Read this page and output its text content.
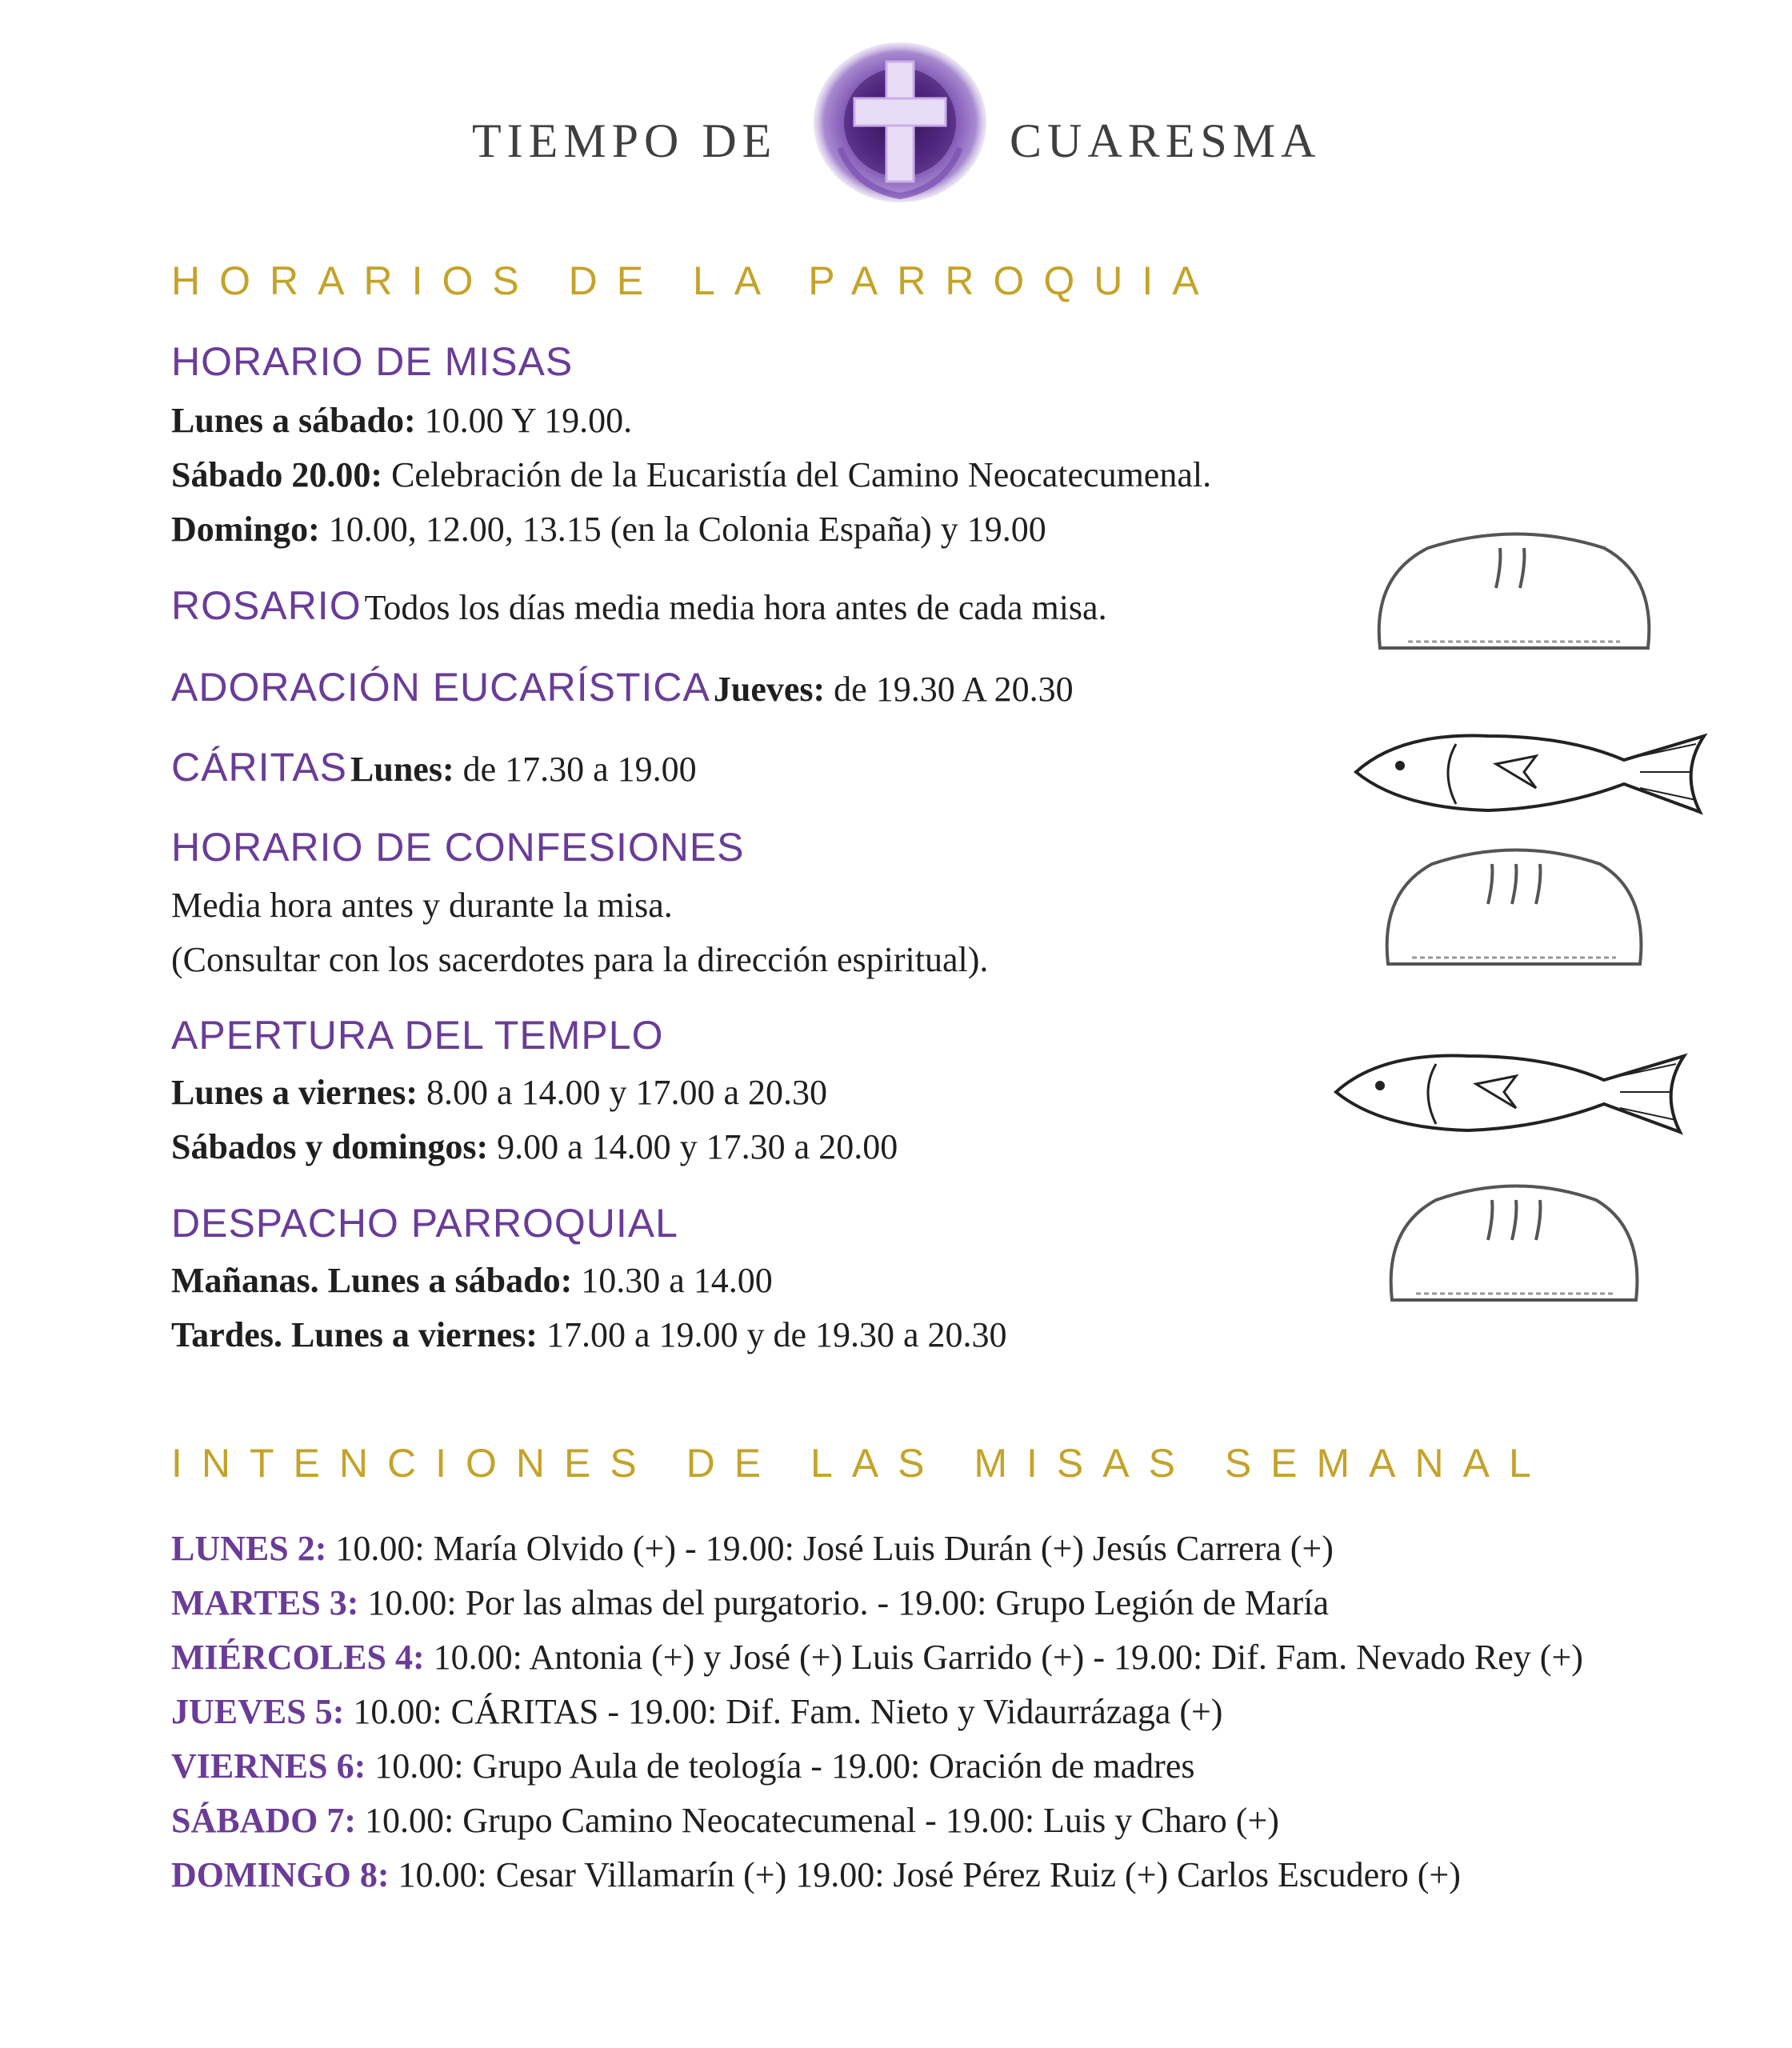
TIEMPO DE	CUARESMA
HORARIOS DE LA PARROQUIA
HORARIO DE MISAS
Lunes a sábado: 10.00 Y 19.00.
Sábado 20.00: Celebración de la Eucaristía del Camino Neocatecumenal.
Domingo: 10.00, 12.00, 13.15 (en la Colonia España) y 19.00
ROSARIO Todos los días media media hora antes de cada misa.
ADORACIÓN EUCARÍSTICA Jueves: de 19.30 A 20.30
CÁRITAS Lunes: de 17.30 a 19.00
HORARIO DE CONFESIONES
Media hora antes y durante la misa.
(Consultar con los sacerdotes para la dirección espiritual).
APERTURA DEL TEMPLO
Lunes a viernes: 8.00 a 14.00 y 17.00 a 20.30
Sábados y domingos: 9.00 a 14.00 y 17.30 a 20.00
DESPACHO PARROQUIAL
Mañanas. Lunes a sábado: 10.30 a 14.00
Tardes. Lunes a viernes: 17.00 a 19.00 y de 19.30 a 20.30
INTENCIONES DE LAS MISAS SEMANAL
LUNES 2: 10.00: María Olvido (+) - 19.00: José Luis Durán (+) Jesús Carrera (+)
MARTES 3: 10.00: Por las almas del purgatorio. - 19.00: Grupo Legión de María
MIÉRCOLES 4: 10.00: Antonia (+) y José (+) Luis Garrido (+) - 19.00: Dif. Fam. Nevado Rey (+)
JUEVES 5: 10.00: CÁRITAS - 19.00: Dif. Fam. Nieto y Vidaurrázaga (+)
VIERNES 6: 10.00: Grupo Aula de teología - 19.00: Oración de madres
SÁBADO 7: 10.00: Grupo Camino Neocatecumenal - 19.00: Luis y Charo (+)
DOMINGO 8: 10.00: Cesar Villamarín (+) 19.00: José Pérez Ruiz (+) Carlos Escudero (+)
